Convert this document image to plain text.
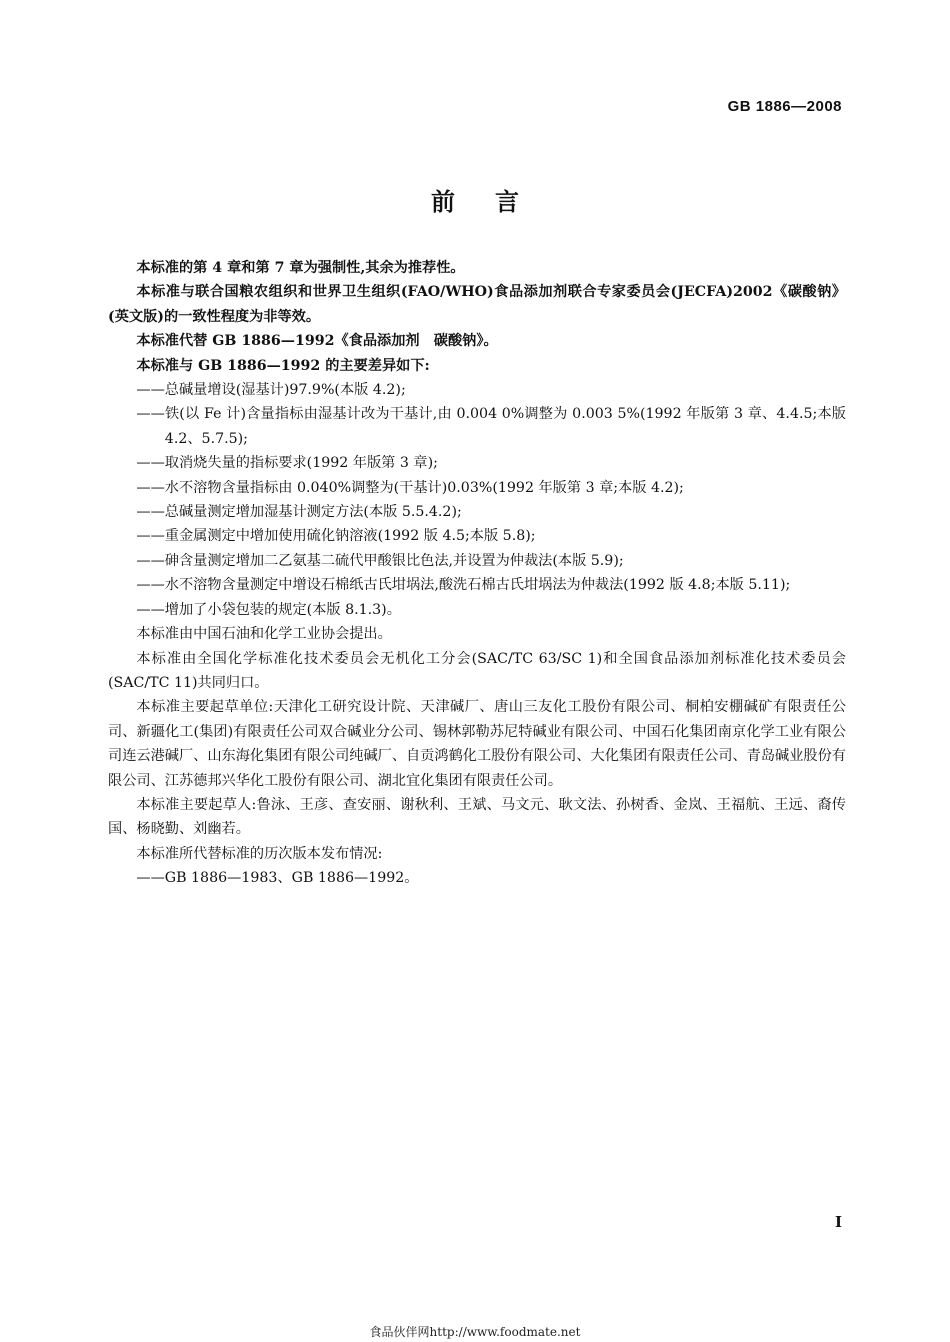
GB 1886—2008
前言

本标准的第 4 章和第 7 章为强制性,其余为推荐性。

本标准与联合国粮农组织和世界卫生组织(FAO/WHO)食品添加剂联合专家委员会(JECFA)2002《碳酸钠》(英文版)的一致性程度为非等效。

本标准代替 GB 1886—1992《食品添加剂　碳酸钠》。

本标准与 GB 1886—1992 的主要差异如下:

——总碱量增设(湿基计)97.9%(本版 4.2);

——铁(以 Fe 计)含量指标由湿基计改为干基计,由 0.004 0%调整为 0.003 5%(1992 年版第 3 章、4.4.5;本版 4.2、5.7.5);

——取消烧失量的指标要求(1992 年版第 3 章);

——水不溶物含量指标由 0.040%调整为(干基计)0.03%(1992 年版第 3 章;本版 4.2);

——总碱量测定增加湿基计测定方法(本版 5.5.4.2);

——重金属测定中增加使用硫化钠溶液(1992 版 4.5;本版 5.8);

——砷含量测定增加二乙氨基二硫代甲酸银比色法,并设置为仲裁法(本版 5.9);

——水不溶物含量测定中增设石棉纸古氏坩埚法,酸洗石棉古氏坩埚法为仲裁法(1992 版 4.8;本版 5.11);

——增加了小袋包装的规定(本版 8.1.3)。

本标准由中国石油和化学工业协会提出。

本标准由全国化学标准化技术委员会无机化工分会(SAC/TC 63/SC 1)和全国食品添加剂标准化技术委员会(SAC/TC 11)共同归口。

本标准主要起草单位:天津化工研究设计院、天津碱厂、唐山三友化工股份有限公司、桐柏安棚碱矿有限责任公司、新疆化工(集团)有限责任公司双合碱业分公司、锡林郭勒苏尼特碱业有限公司、中国石化集团南京化学工业有限公司连云港碱厂、山东海化集团有限公司纯碱厂、自贡鸿鹤化工股份有限公司、大化集团有限责任公司、青岛碱业股份有限公司、江苏德邦兴华化工股份有限公司、湖北宜化集团有限责任公司。

本标准主要起草人:鲁泳、王彦、查安丽、谢秋利、王斌、马文元、耿文法、孙树香、金岚、王福航、王远、裔传国、杨晓勤、刘幽若。

本标准所代替标准的历次版本发布情况:

——GB 1886—1983、GB 1886—1992。

I
食品伙伴网http://www.foodmate.net
